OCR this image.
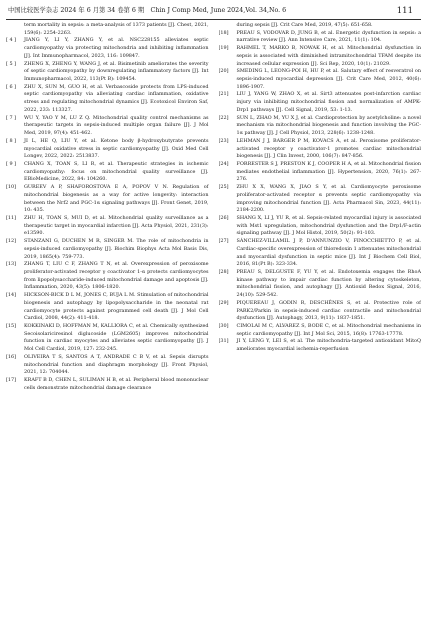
中国比较医学杂志 2024 年 6 月第 34 卷第 6 期　Chin J Comp Med, June 2024,Vol. 34,No. 6	111
term mortality in sepsis: a meta-analysis of 1373 patients [J]. Chest, 2021, 159(6): 2254-2263.
[ 4 ]	JIANG Y, LI Y, ZHANG Y, et al. NSC228155 alleviates septic cardiomyopathy via protecting mitochondria and inhibiting inflammation [J]. Int Immunopharmacol, 2023, 116: 109847.
[ 5 ]	ZHENG X, ZHENG Y, WANG J, et al. Bisimetinib ameliorates the severity of septic cardiomyopathy by downregulating inflammatory factors [J]. Int Immunopharmacol, 2022, 113(Pt B): 109454.
[ 6 ]	ZHU X, SUN M, GUO H, et al. Verbascoside protects from LPS-induced septic cardiomyopathy via alleviating cardiac inflammation, oxidative stress and regulating mitochondrial dynamics [J]. Ecotoxicol Environ Saf, 2022, 233: 113327.
[ 7 ]	WU Y, YAO Y M, LU Z Q. Mitochondrial quality control mechanisms as therapeutic targets in sepsis-induced multiple organ failure [J]. J Mol Med, 2019, 97(4): 451-462.
[ 8 ]	JI L, HE Q, LIU Y, et al. Ketone body β-hydroxybutyrate prevents myocardial oxidative stress in septic cardiomyopathy [J]. Oxid Med Cell Longev, 2022, 2022: 2513837.
[ 9 ]	CHANG X, TOAN S, LI R, et al. Therapeutic strategies in ischemic cardiomyopathy: focus on mitochondrial quality surveillance [J]. EBioMedicine, 2022, 84: 104260.
[10]	GUREEV A P, SHAFOROSTOVA E A, POPOV V N. Regulation of mitochondrial biogenesis as a way for active longevity: interaction between the Nrf2 and PGC-1α signaling pathways [J]. Front Genet, 2019, 10: 435.
[11]	ZHU H, TOAN S, MUI D, et al. Mitochondrial quality surveillance as a therapeutic target in myocardial infarction [J]. Acta Physiol, 2021, 231(3): e13590.
[12]	STANZANI G, DUCHEN M R, SINGER M. The role of mitochondria in sepsis-induced cardiomyopathy [J]. Biochim Biophys Acta Mol Basis Dis, 2019, 1865(4): 759-773.
[13]	ZHANG T, LIU C F, ZHANG T N, et al. Overexpression of peroxisome proliferator-activated receptor γ coactivator 1-α protects cardiomyocytes from lipopolysaccharide-induced mitochondrial damage and apoptosis [J]. Inflammation, 2020, 43(5): 1806-1820.
[14]	HICKSON-BICK D L M, JONES C, BUJA L M. Stimulation of mitochondrial biogenesis and autophagy by lipopolysaccharide in the neonatal rat cardiomyocyte protects against programmed cell death [J]. J Mol Cell Cardiol, 2008, 44(2): 411-418.
[15]	KOKKINAKI D, HOFFMAN M, KALLIORA C, et al. Chemically synthesized Secoisolariciresinol diglucoside (LGM2605) improves mitochondrial function in cardiac myocytes and alleviates septic cardiomyopathy [J]. J Mol Cell Cardiol, 2019, 127: 232-245.
[16]	OLIVEIRA T S, SANTOS A T, ANDRADE C B V, et al. Sepsis disrupts mitochondrial function and diaphragm morphology [J]. Front Physiol, 2021, 12: 704044.
[17]	KRAFT B D, CHEN L, SULIMAN H B, et al. Peripheral blood mononuclear cells demonstrate mitochondrial damage clearance
during sepsis [J]. Crit Care Med, 2019, 47(5): 651-658.
[18]	PREAU S, VODOVAR D, JUNG B, et al. Energetic dysfunction in sepsis: a narrative review [J]. Ann Intensive Care, 2021, 11(1): 104.
[19]	RAHMEL T, MARKO B, NOWAK H, et al. Mitochondrial dysfunction in sepsis is associated with diminished intramitochondrial TFAM despite its increased cellular expression [J]. Sci Rep, 2020, 10(1): 21029.
[20]	SMEDING L, LEONG-POI H, HU P, et al. Salutary effect of resveratrol on sepsis-induced myocardial depression [J]. Crit Care Med, 2012, 40(6): 1896-1907.
[21]	LIU J, YANG W, ZHAO X, et al. Sirt3 attenuates post-infarction cardiac injury via inhibiting mitochondrial fission and normalization of AMPK-Drp1 pathways [J]. Cell Signal, 2019, 53: 1-13.
[22]	SUN L, ZHAO M, YU X J, et al. Cardioprotection by acetylcholine: a novel mechanism via mitochondrial biogenesis and function involving the PGC-1α pathway [J]. J Cell Physiol, 2013, 228(6): 1238-1248.
[23]	LEHMAN J J, BARGER P M, KOVACS A, et al. Peroxisome proliferator-activated receptor γ coactivator-1 promotes cardiac mitochondrial biogenesis [J]. J Clin Invest, 2000, 106(7): 847-856.
[24]	FORRESTER S J, PRESTON K J, COOPER H A, et al. Mitochondrial fission mediates endothelial inflammation [J]. Hypertension, 2020, 76(1): 267-276.
[25]	ZHU X X, WANG X, JIAO S Y, et al. Cardiomyocyte peroxisome proliferator-activated receptor α prevents septic cardiomyopathy via improving mitochondrial function [J]. Acta Pharmacol Sin, 2023, 44(11): 2184-2200.
[26]	SHANG X, LI J, YU R, et al. Sepsis-related myocardial injury is associated with Mst1 upregulation, mitochondrial dysfunction and the Drp1/F-actin signaling pathway [J]. J Mol Histol, 2019, 50(2): 91-103.
[27]	SÁNCHEZ-VILLAMIL J P, D'ANNUNZIO V, FINOCCHIETTO P, et al. Cardiac-specific overexpression of thioredoxin 1 attenuates mitochondrial and myocardial dysfunction in septic mice [J]. Int J Biochem Cell Biol, 2016, 81(Pt B): 323-334.
[28]	PREAU S, DELGUSTE F, YU Y, et al. Endotoxemia engages the RhoA kinase pathway to impair cardiac function by altering cytoskeleton, mitochondrial fission, and autophagy [J]. Antioxid Redox Signal, 2016, 24(10): 529-542.
[29]	PIQUEREAU J, GODIN R, DESCHÊNES S, et al. Protective role of PARK2/Parkin in sepsis-induced cardiac contractile and mitochondrial dysfunction [J]. Autophagy, 2013, 9(11): 1837-1851.
[30]	CIMOLAI M C, ALVAREZ S, BODE C, et al. Mitochondrial mechanisms in septic cardiomyopathy [J]. Int J Mol Sci, 2015, 16(8): 17763-17778.
[31]	JI Y, LENG Y, LEI S, et al. The mitochondria-targeted antioxidant MitoQ ameliorates myocardial ischemia-reperfusion
